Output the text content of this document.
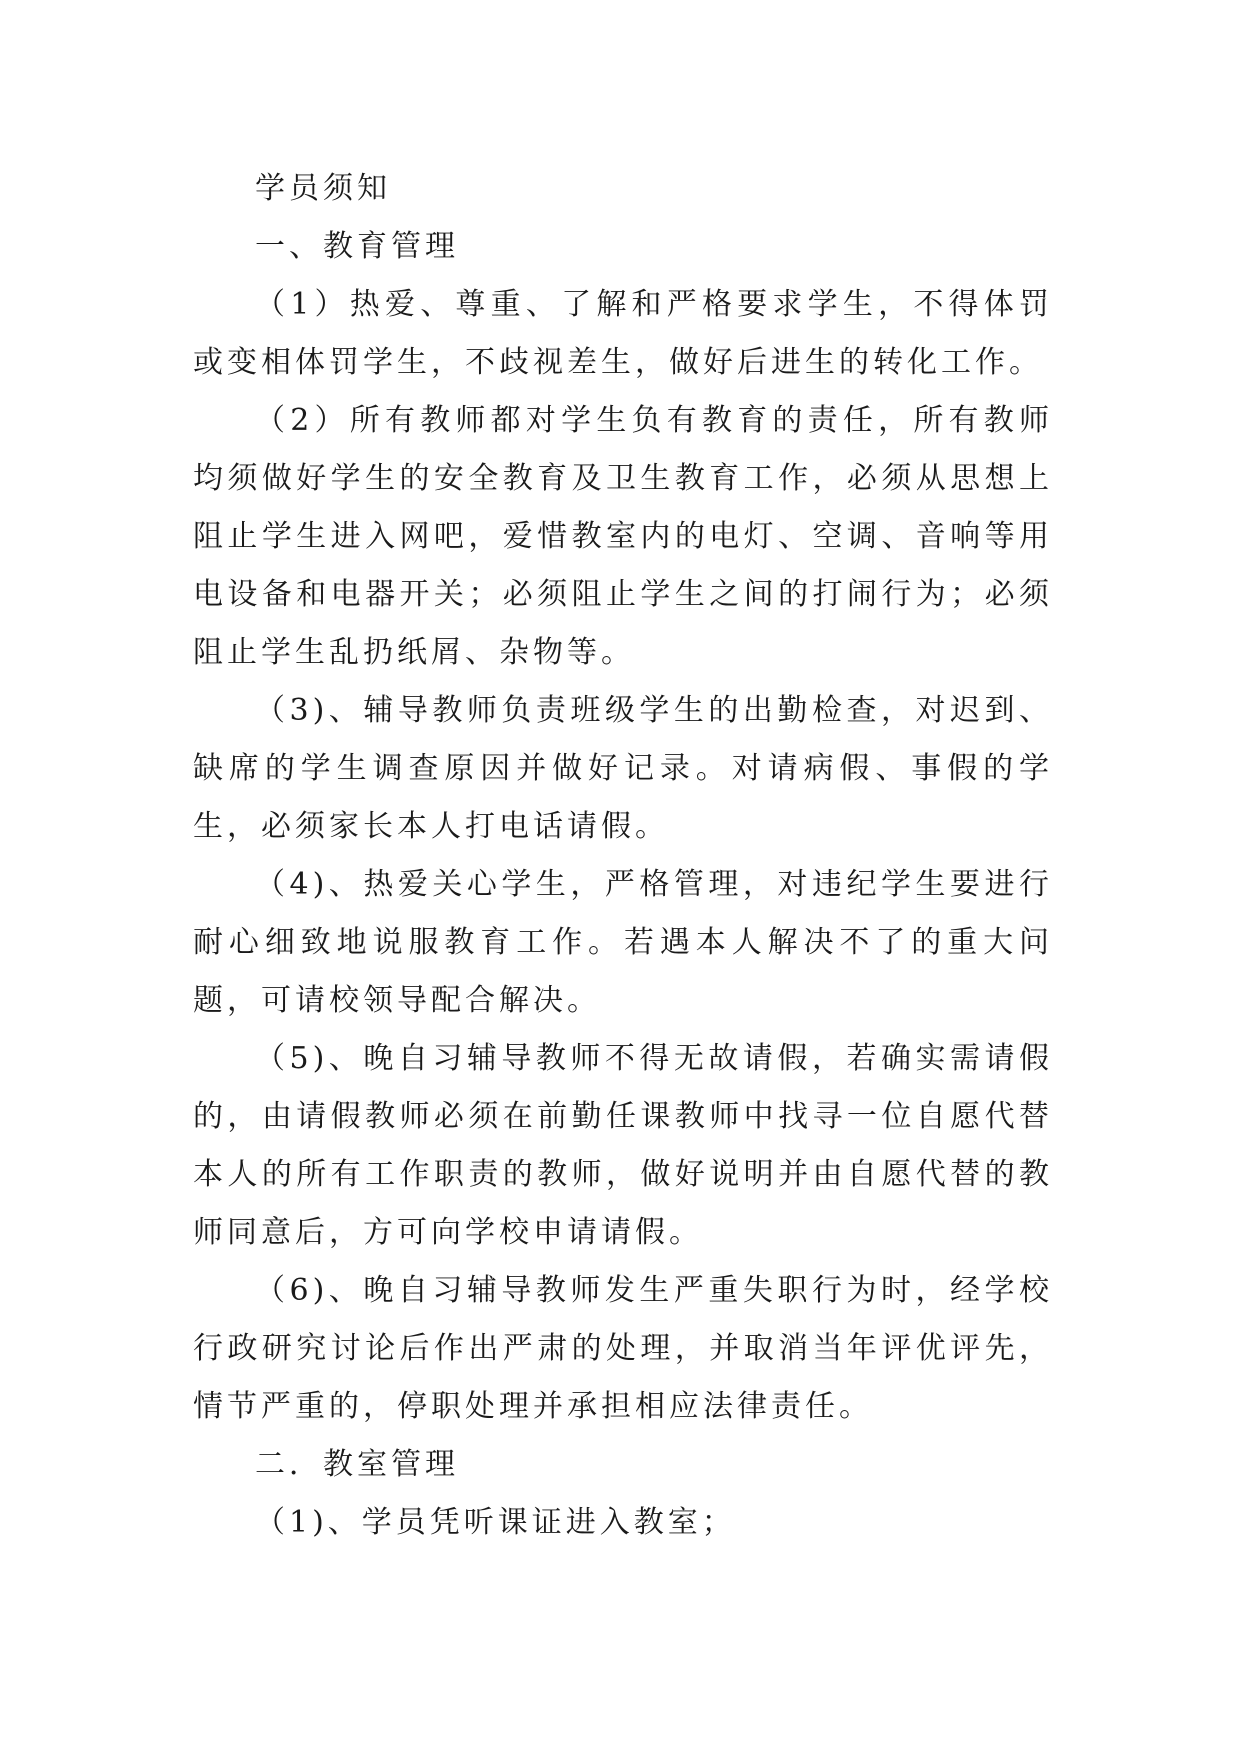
学员须知

一、教育管理

（1）热爱、尊重、了解和严格要求学生，不得体罚或变相体罚学生，不歧视差生，做好后进生的转化工作。

（2）所有教师都对学生负有教育的责任，所有教师均须做好学生的安全教育及卫生教育工作，必须从思想上阻止学生进入网吧，爱惜教室内的电灯、空调、音响等用电设备和电器开关；必须阻止学生之间的打闹行为；必须阻止学生乱扔纸屑、杂物等。

（3)、辅导教师负责班级学生的出勤检查，对迟到、缺席的学生调查原因并做好记录。对请病假、事假的学生，必须家长本人打电话请假。

（4)、热爱关心学生，严格管理，对违纪学生要进行耐心细致地说服教育工作。若遇本人解决不了的重大问题，可请校领导配合解决。

（5)、晚自习辅导教师不得无故请假，若确实需请假的，由请假教师必须在前勤任课教师中找寻一位自愿代替本人的所有工作职责的教师，做好说明并由自愿代替的教师同意后，方可向学校申请请假。

（6)、晚自习辅导教师发生严重失职行为时，经学校行政研究讨论后作出严肃的处理，并取消当年评优评先，情节严重的，停职处理并承担相应法律责任。

二．教室管理

（1)、学员凭听课证进入教室；
